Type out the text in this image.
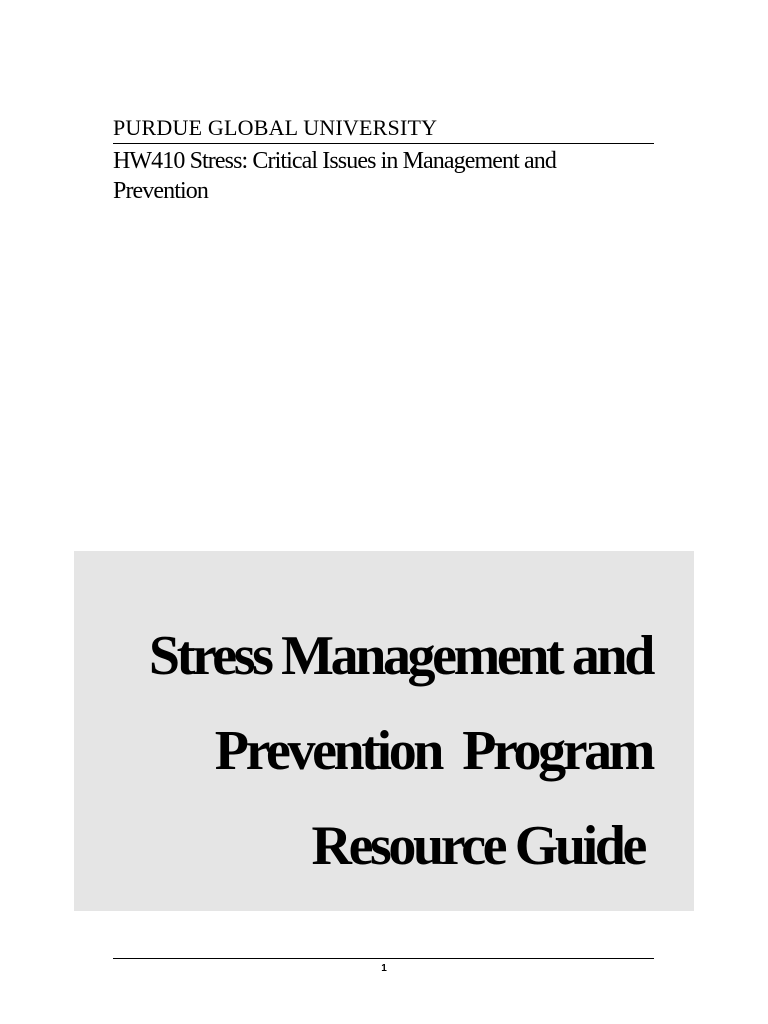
PURDUE GLOBAL UNIVERSITY

HW410 Stress: Critical Issues in Management and Prevention

Stress Management and
Prevention  Program
Resource Guide
1
